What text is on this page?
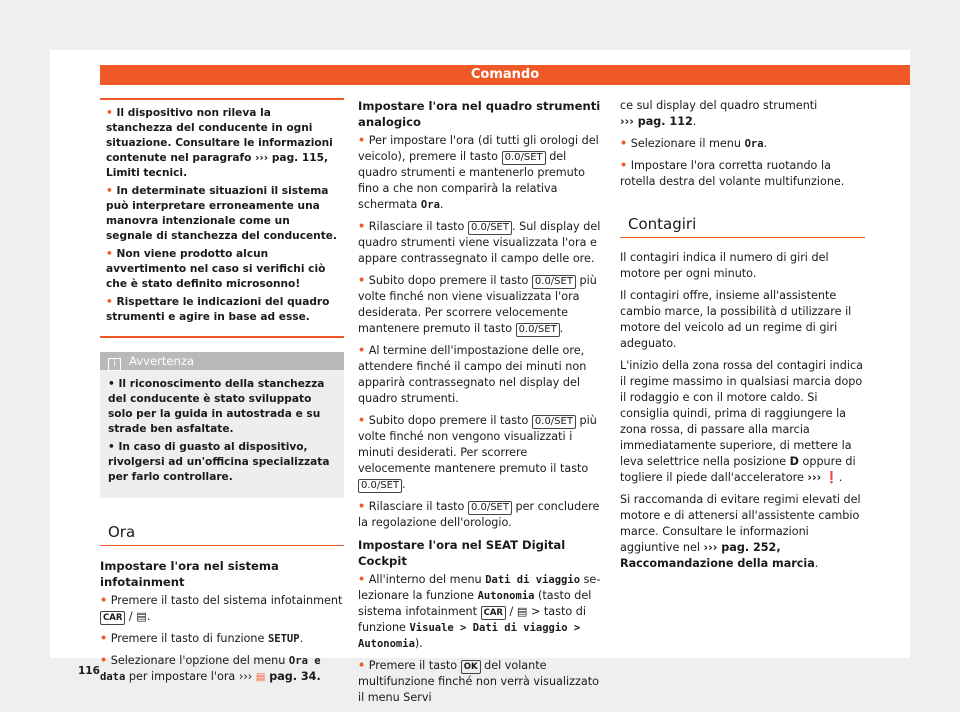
Comando

• Il dispositivo non rileva la stanchezza del conducente in ogni situazione. Consultare le informazioni contenute nel paragrafo ››› pag. 115, Limiti tecnici.

• In determinate situazioni il sistema può interpretare erroneamente una manovra intenzionale come un segnale di stanchezza del conducente.

• Non viene prodotto alcun avvertimento nel caso si verifichi ciò che è stato definito microsonno!

• Rispettare le indicazioni del quadro strumenti e agire in base ad esse.

i Avvertenza

• Il riconoscimento della stanchezza del conducente è stato sviluppato solo per la guida in autostrada e su strade ben asfaltate.

• In caso di guasto al dispositivo, rivolgersi ad un'officina specializzata per farlo controllare.

Ora

Impostare l'ora nel sistema infotainment

• Premere il tasto del sistema infotainment CAR / ▤.

• Premere il tasto di funzione SETUP.

• Selezionare l'opzione del menu Ora e data per impostare l'ora ››› ▤ pag. 34.

Impostare l'ora nel quadro strumenti analogico

• Per impostare l'ora (di tutti gli orologi del veicolo), premere il tasto 0.0/SET del quadro strumenti e mantenerlo premuto fino a che non comparirà la relativa schermata Ora.

• Rilasciare il tasto 0.0/SET . Sul display del quadro strumenti viene visualizzata l'ora e appare contrassegnato il campo delle ore.

• Subito dopo premere il tasto 0.0/SET più volte finché non viene visualizzata l'ora desiderata. Per scorrere velocemente mantenere premuto il tasto 0.0/SET .

• Al termine dell'impostazione delle ore, attendere finché il campo dei minuti non apparirà contrassegnato nel display del quadro strumenti.

• Subito dopo premere il tasto 0.0/SET più volte finché non vengono visualizzati i minuti desiderati. Per scorrere velocemente mantenere premuto il tasto 0.0/SET .

• Rilasciare il tasto 0.0/SET per concludere la regolazione dell'orologio.

Impostare l'ora nel SEAT Digital Cockpit

• All'interno del menu Dati di viaggio selezionare la funzione Autonomia (tasto del sistema infotainment CAR / ▤ > tasto di funzione Visuale > Dati di viaggio > Autonomia).

• Premere il tasto OK del volante multifunzione finché non verrà visualizzato il menu Servi

ce sul display del quadro strumenti
››› pag. 112.

• Selezionare il menu Ora.

• Impostare l'ora corretta ruotando la rotella destra del volante multifunzione.

Contagiri

Il contagiri indica il numero di giri del motore per ogni minuto.

Il contagiri offre, insieme all'assistente cambio marce, la possibilità d utilizzare il motore del veicolo ad un regime di giri adeguato.

L'inizio della zona rossa del contagiri indica il regime massimo in qualsiasi marcia dopo il rodaggio e con il motore caldo. Si consiglia quindi, prima di raggiungere la zona rossa, di passare alla marcia immediatamente superiore, di mettere la leva selettrice nella posizione D oppure di togliere il piede dall'acceleratore ››› ❗.

Si raccomanda di evitare regimi elevati del motore e di attenersi all'assistente cambio marce. Consultare le informazioni aggiuntive nel ››› pag. 252, Raccomandazione della marcia.

116
